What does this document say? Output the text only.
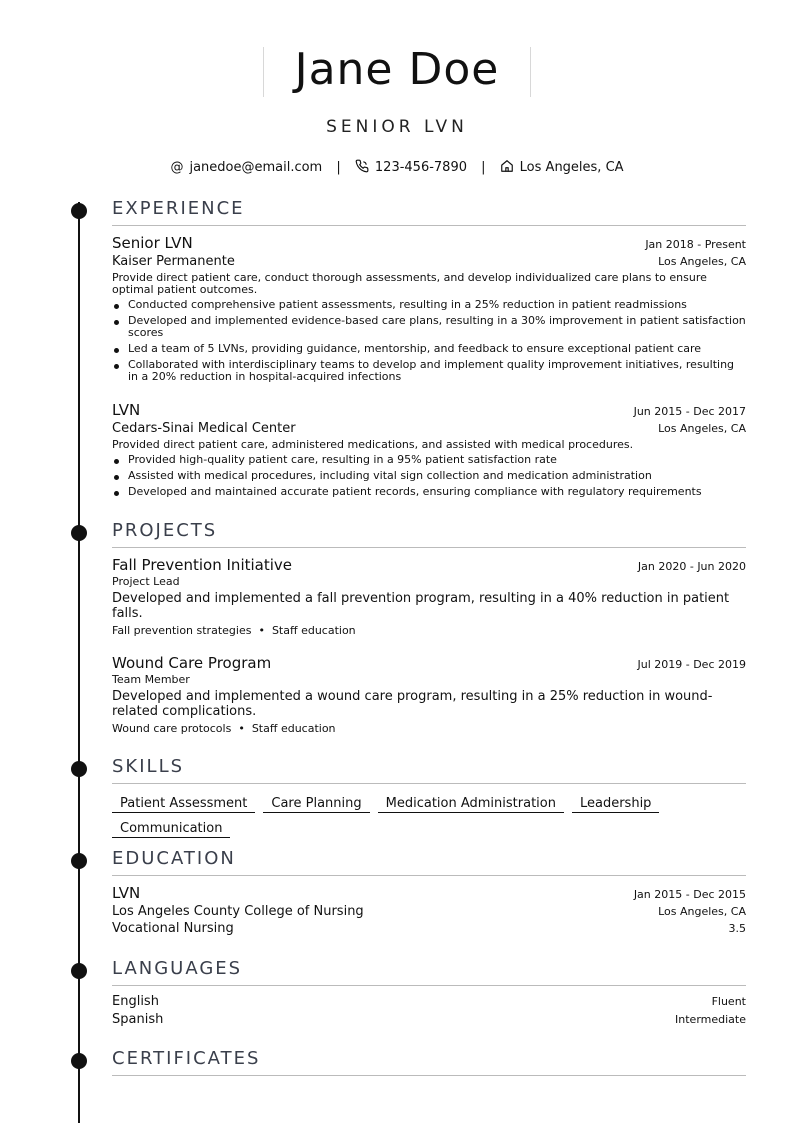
Jane Doe
SENIOR LVN
@ janedoe@email.com |	123-456-7890 |	Los Angeles, CA
EXPERIENCE
Senior LVN	Jan 2018 - Present
Kaiser Permanente	Los Angeles, CA
Provide direct patient care, conduct thorough assessments, and develop individualized care plans to ensure optimal patient outcomes.
Conducted comprehensive patient assessments, resulting in a 25% reduction in patient readmissions
Developed and implemented evidence-based care plans, resulting in a 30% improvement in patient satisfaction scores
Led a team of 5 LVNs, providing guidance, mentorship, and feedback to ensure exceptional patient care
Collaborated with interdisciplinary teams to develop and implement quality improvement initiatives, resulting in a 20% reduction in hospital-acquired infections
LVN	Jun 2015 - Dec 2017
Cedars-Sinai Medical Center	Los Angeles, CA
Provided direct patient care, administered medications, and assisted with medical procedures.
Provided high-quality patient care, resulting in a 95% patient satisfaction rate
Assisted with medical procedures, including vital sign collection and medication administration
Developed and maintained accurate patient records, ensuring compliance with regulatory requirements
PROJECTS
Fall Prevention Initiative	Jan 2020 - Jun 2020
Project Lead
Developed and implemented a fall prevention program, resulting in a 40% reduction in patient falls.
Fall prevention strategies • Staff education
Wound Care Program	Jul 2019 - Dec 2019
Team Member
Developed and implemented a wound care program, resulting in a 25% reduction in wound-related complications.
Wound care protocols • Staff education
SKILLS
Patient Assessment Care Planning Medication Administration Leadership
Communication
EDUCATION
LVN	Jan 2015 - Dec 2015
Los Angeles County College of Nursing	Los Angeles, CA
Vocational Nursing	3.5
LANGUAGES
English	Fluent
Spanish	Intermediate
CERTIFICATES
